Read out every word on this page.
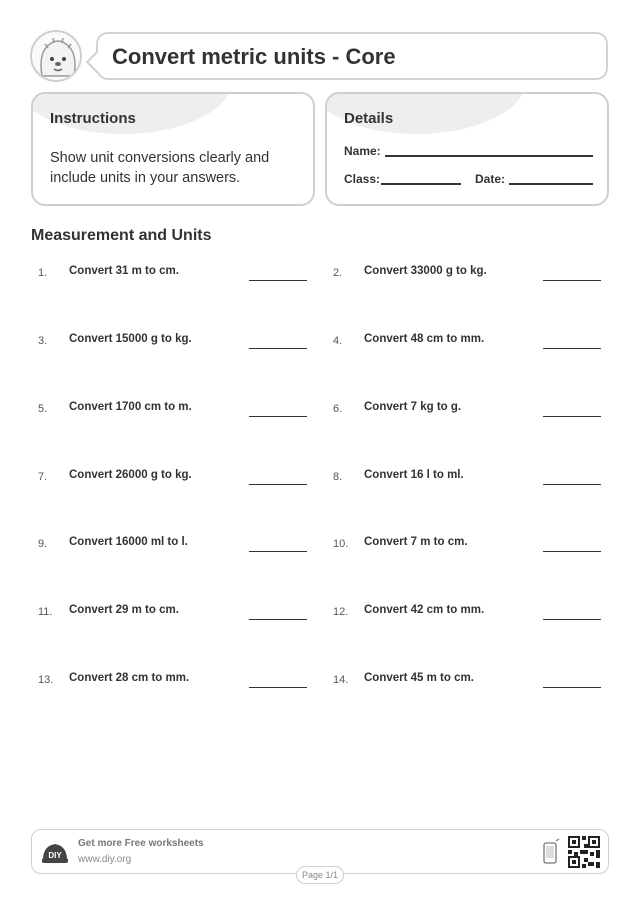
Convert metric units - Core
Instructions
Show unit conversions clearly and include units in your answers.
Details
Name:
Class:	Date:
Measurement and Units
1. Convert 31 m to cm.
3. Convert 15000 g to kg.
5. Convert 1700 cm to m.
7. Convert 26000 g to kg.
9. Convert 16000 ml to l.
11. Convert 29 m to cm.
13. Convert 28 cm to mm.
2. Convert 33000 g to kg.
4. Convert 48 cm to mm.
6. Convert 7 kg to g.
8. Convert 16 l to ml.
10. Convert 7 m to cm.
12. Convert 42 cm to mm.
14. Convert 45 m to cm.
DIY
Get more Free worksheets
www.diy.org
Page 1/1
